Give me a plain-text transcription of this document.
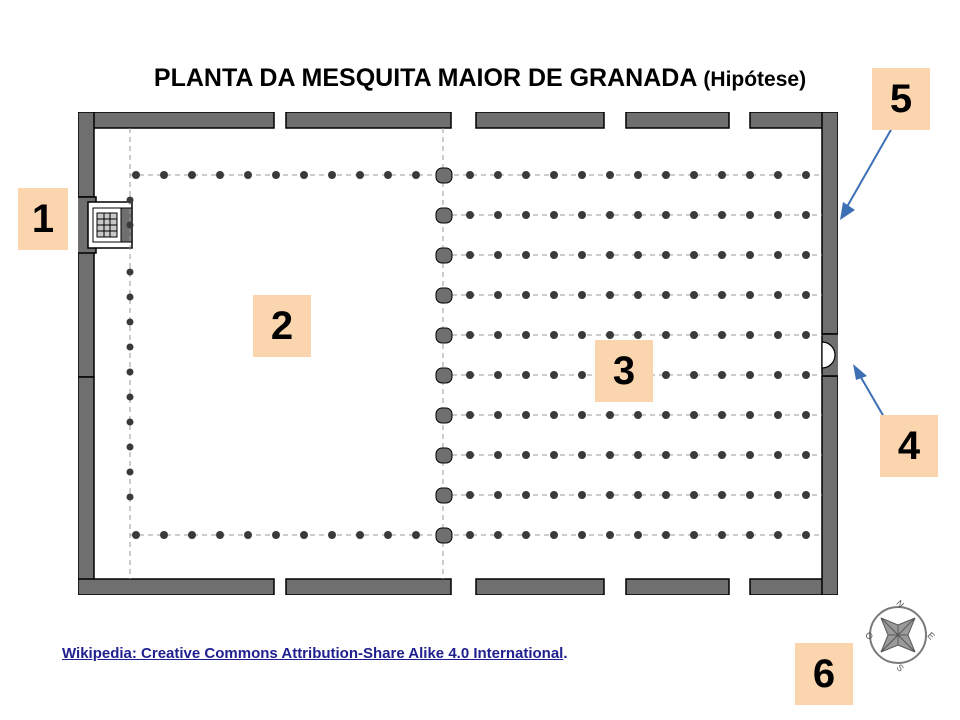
PLANTA DA MESQUITA MAIOR DE GRANADA (Hipótese)
1
2
3
4
5
6
N
E
S
O
Wikipedia: Creative Commons Attribution-Share Alike 4.0 International.
